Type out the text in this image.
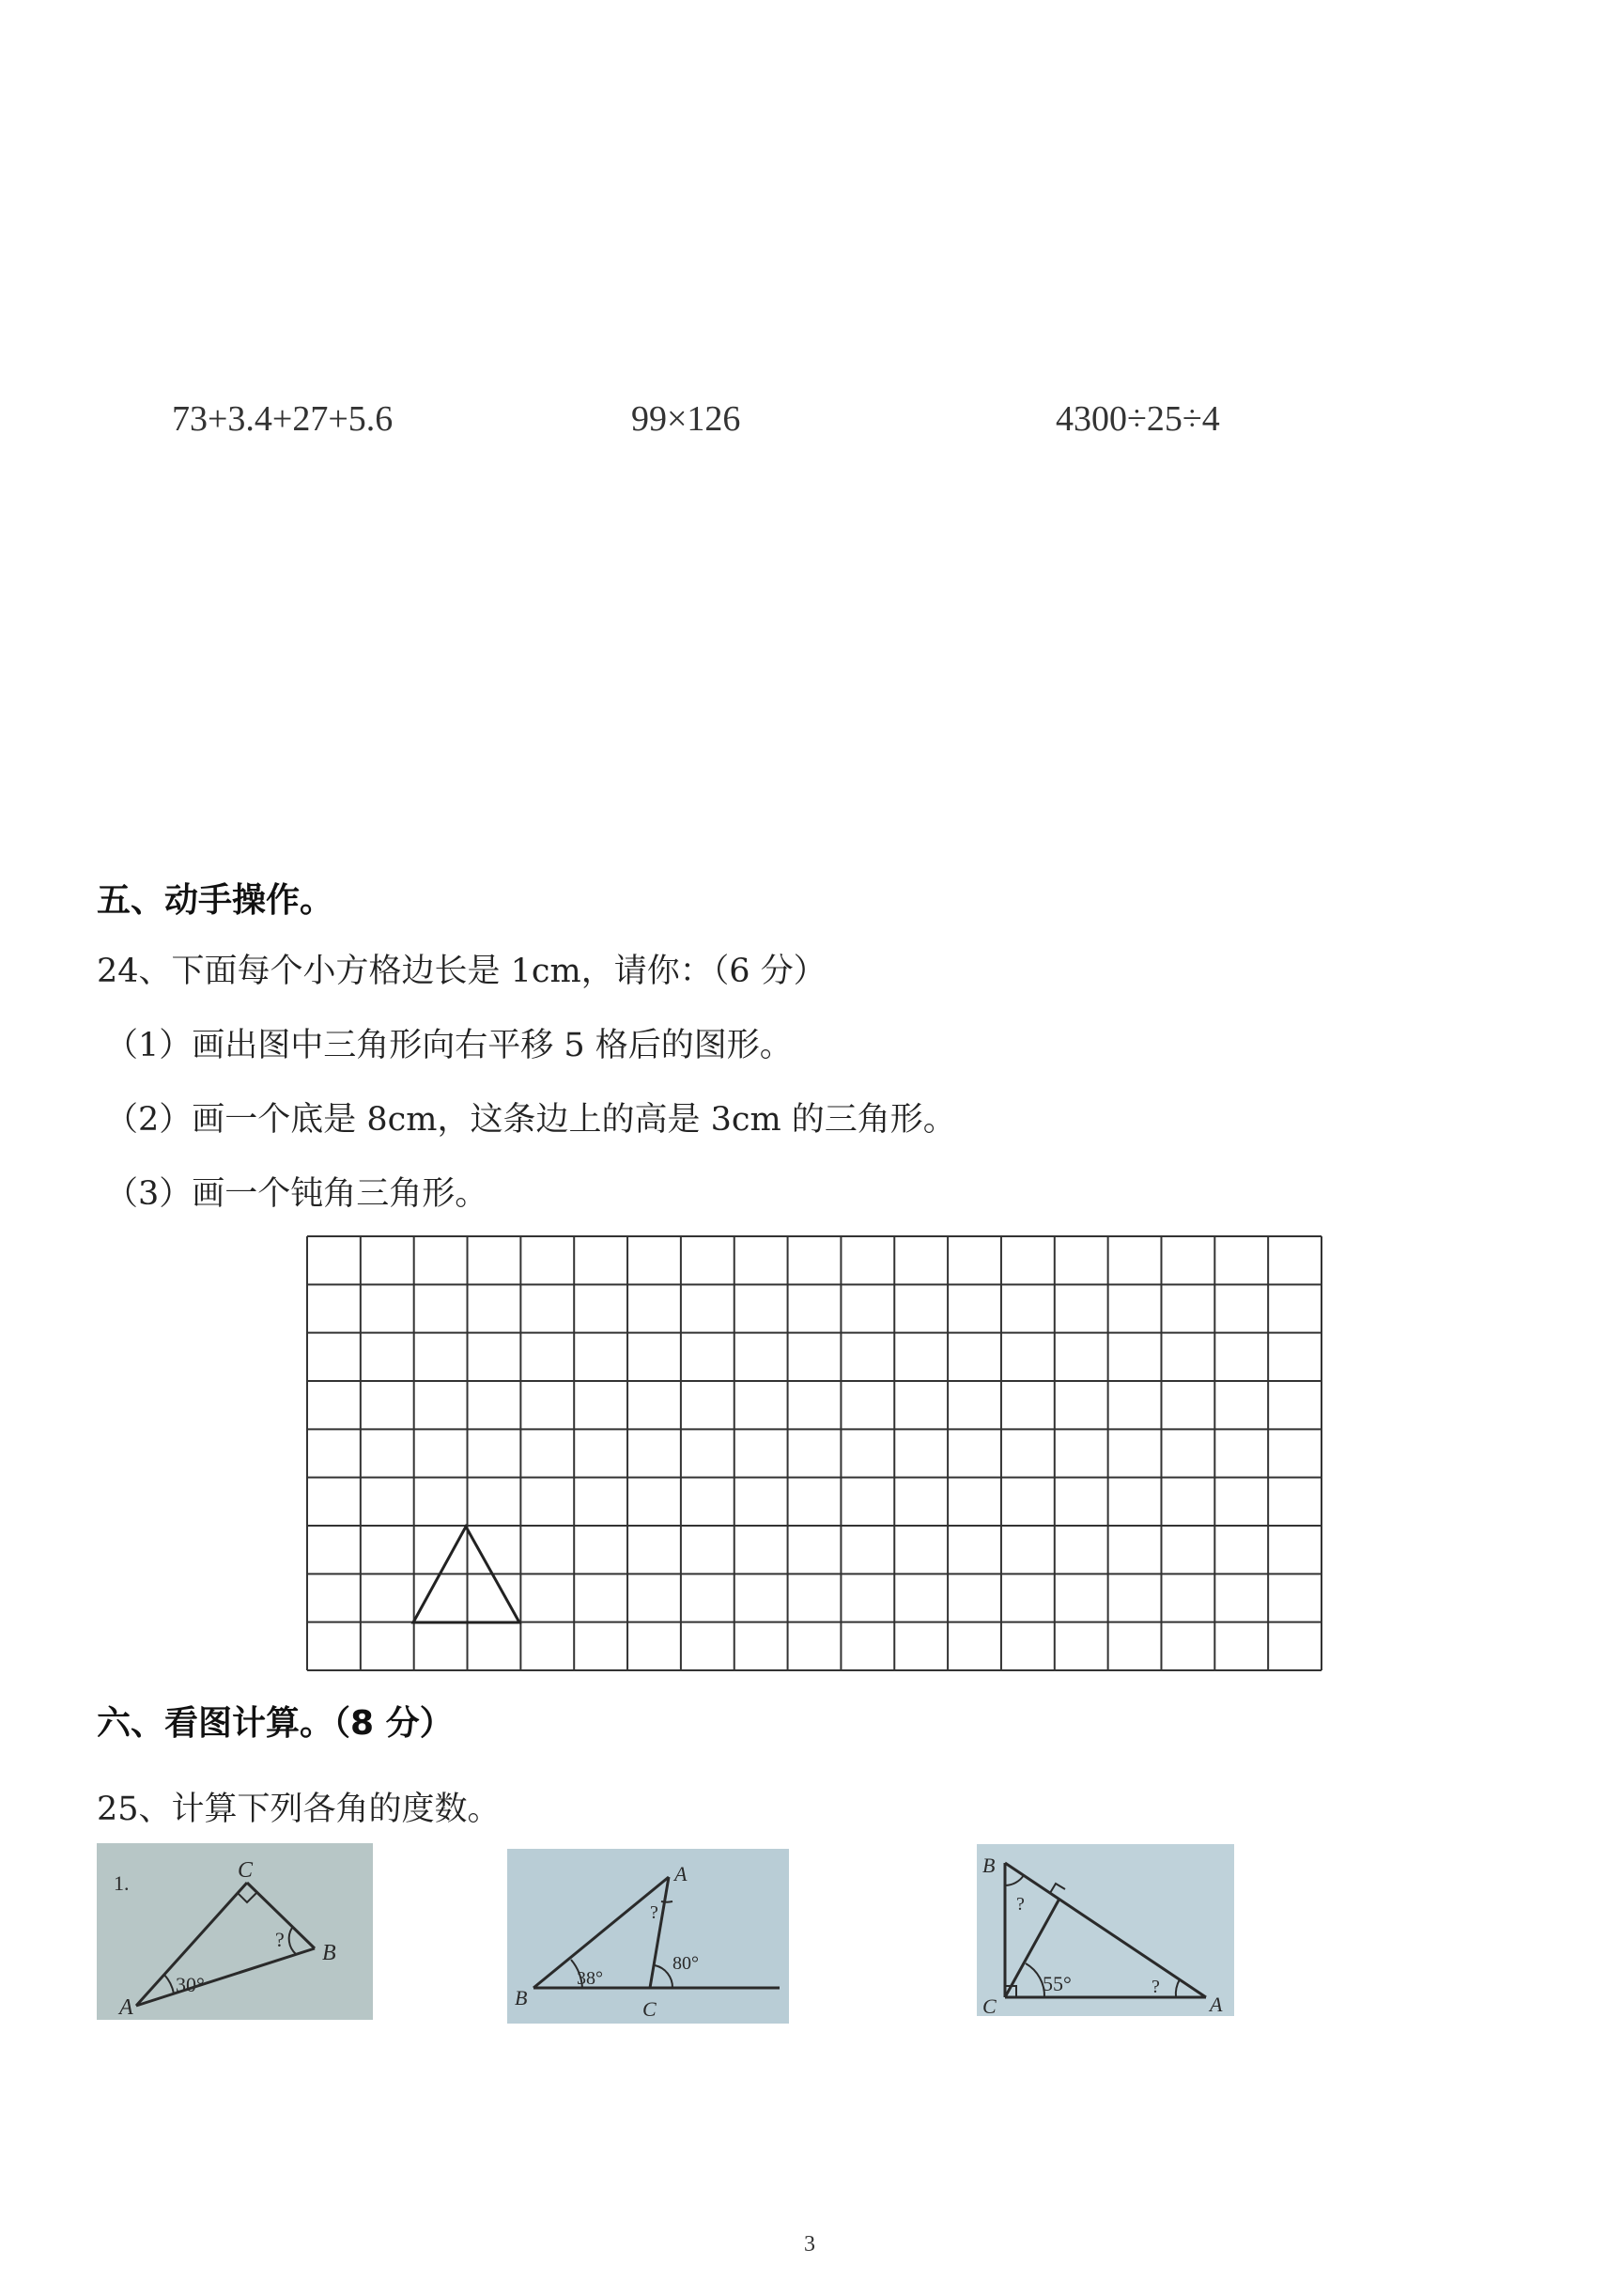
73+3.4+27+5.6	99×126	4300÷25÷4
五、动手操作。
24、下面每个小方格边长是 1cm，请你：（6 分）
（1）画出图中三角形向右平移 5 格后的图形。
（2）画一个底是 8cm，这条边上的高是 3cm 的三角形。
（3）画一个钝角三角形。
六、看图计算。（8 分）
25、计算下列各角的度数。
1.
C
B
A
30°
?
A
B	C
38°
80°
?
B
C	A
55°
?
?
3
